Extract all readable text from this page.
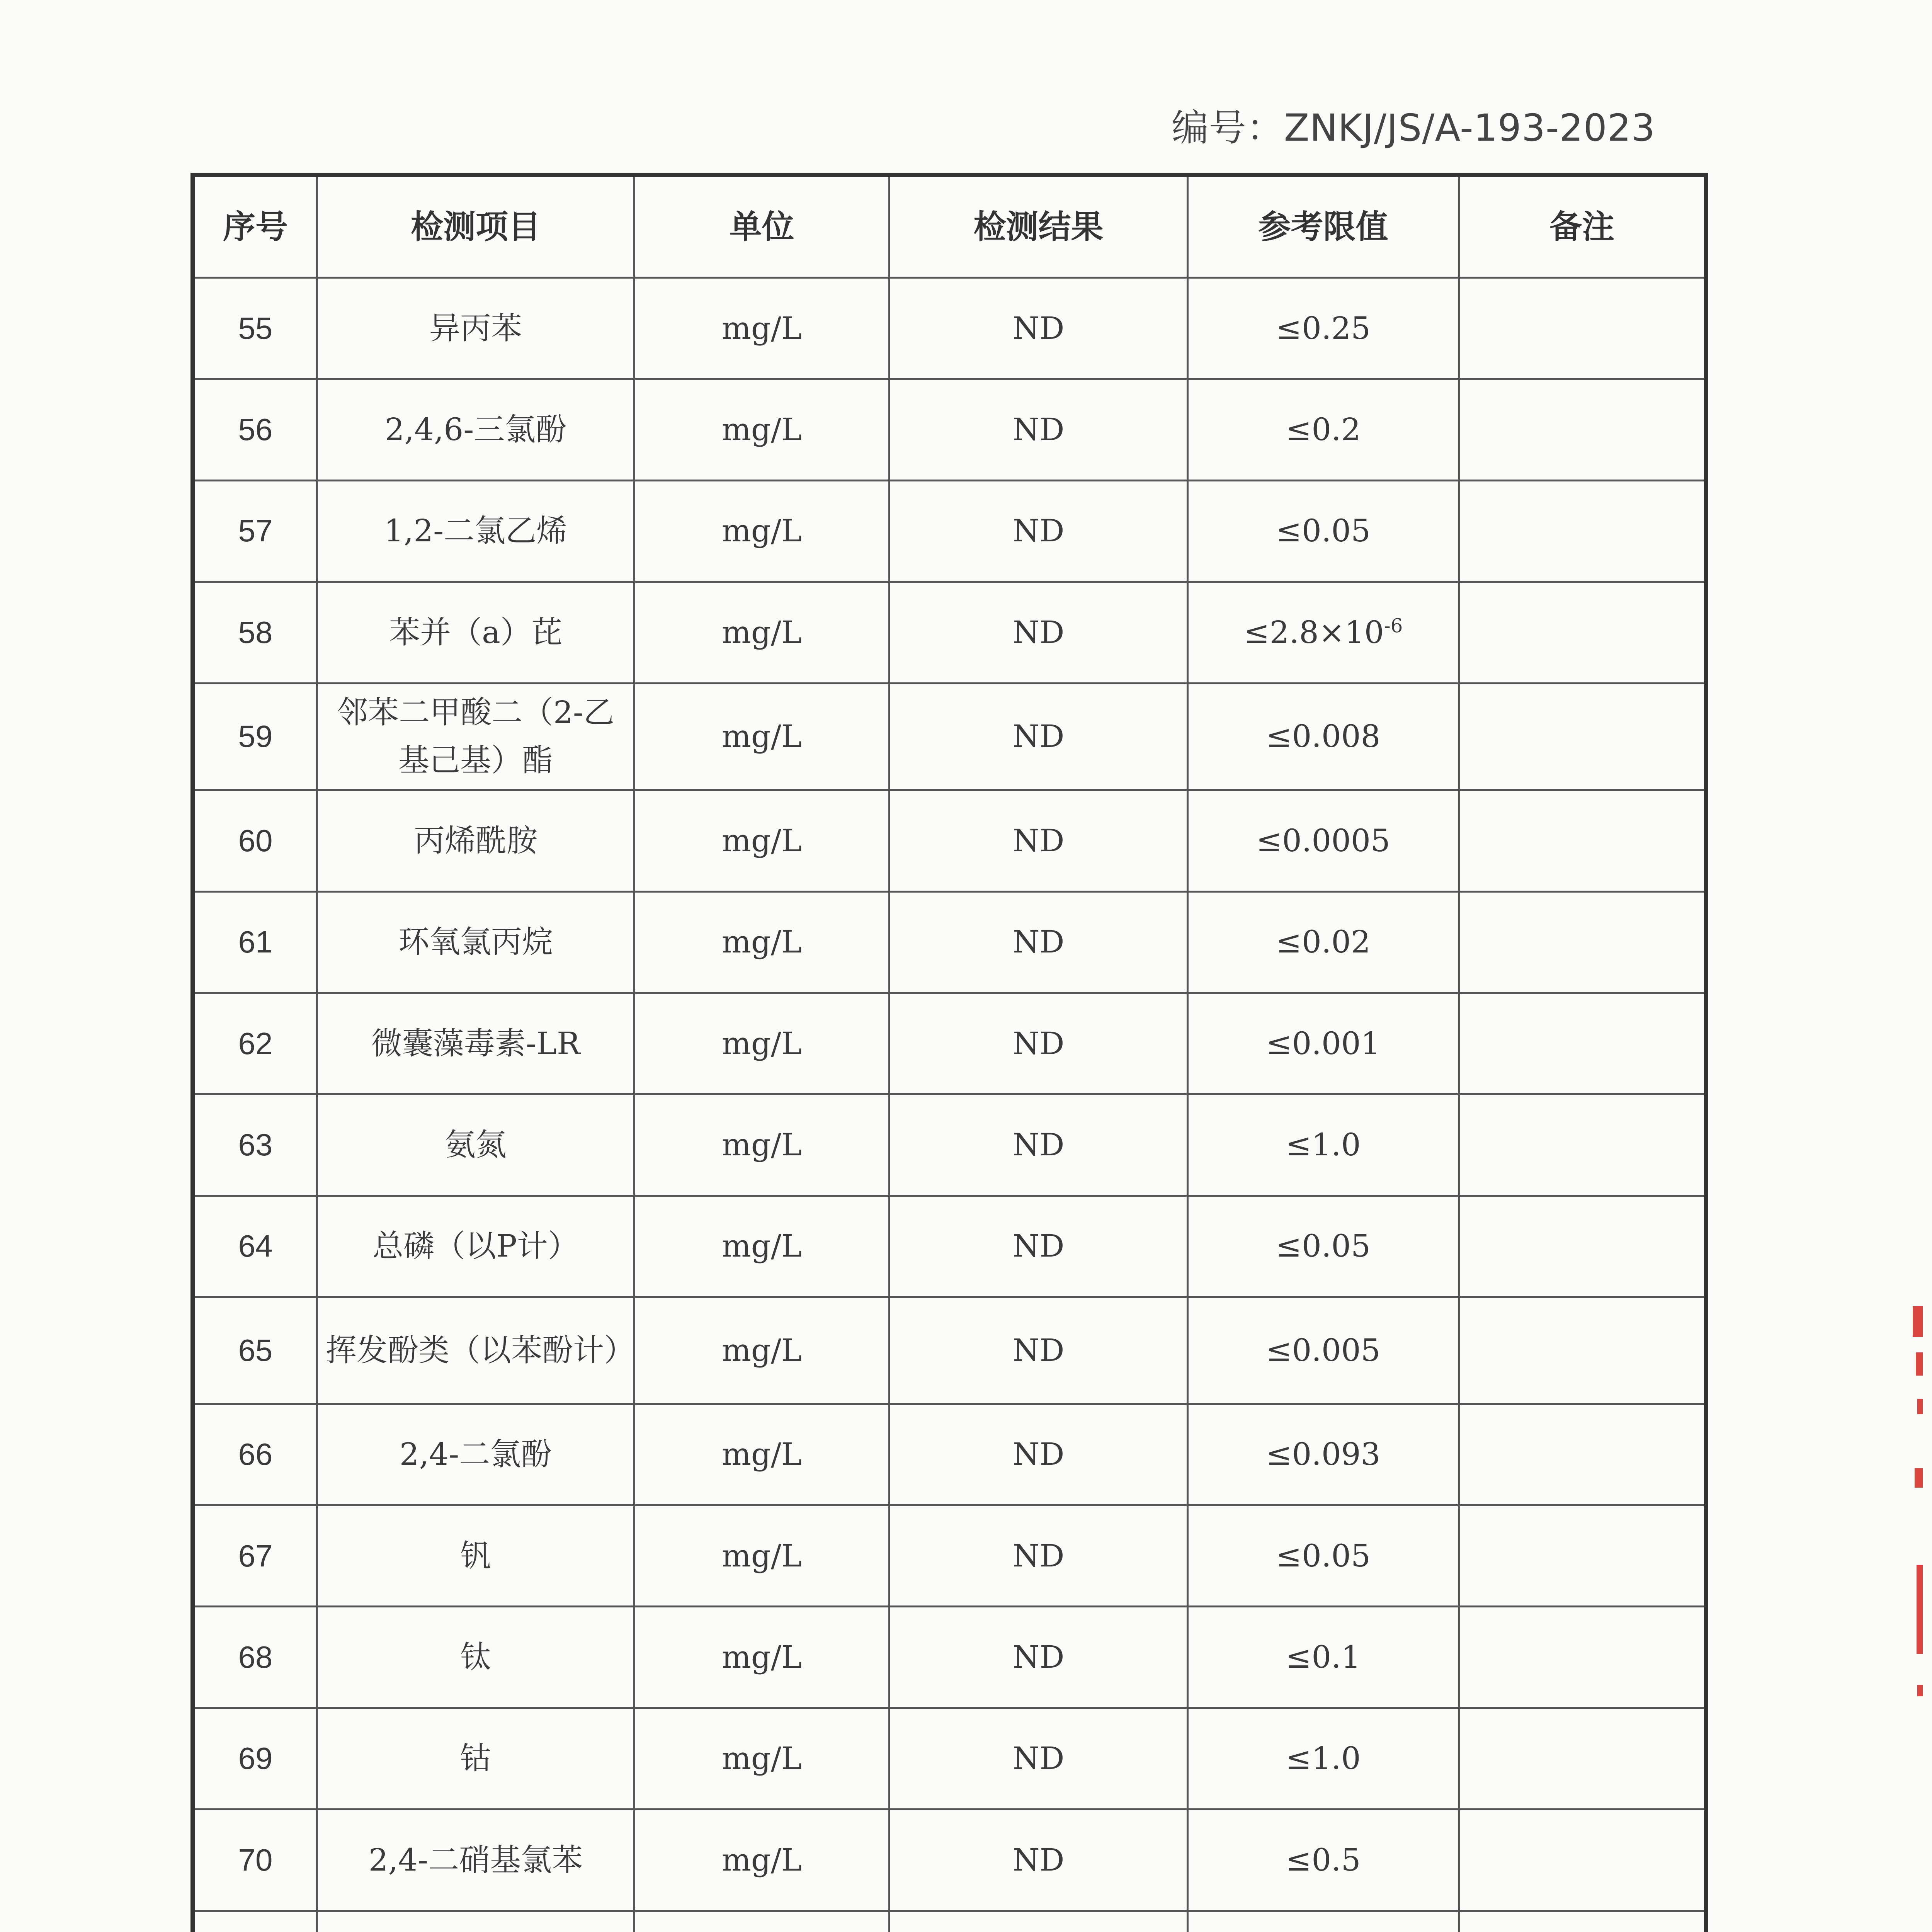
编号：ZNKJ/JS/A-193-2023
序号	检测项目	单位	检测结果	参考限值	备注
55	异丙苯	mg/L	ND	≤0.25	
56	2,4,6-三氯酚	mg/L	ND	≤0.2	
57	1,2-二氯乙烯	mg/L	ND	≤0.05	
58	苯并（a）芘	mg/L	ND	$\le 2.8\times 10^{-6}$	
59	邻苯二甲酸二（2-乙基己基）酯	mg/L	ND	≤0.008	
60	丙烯酰胺	mg/L	ND	≤0.0005	
61	环氧氯丙烷	mg/L	ND	≤0.02	
62	微囊藻毒素-LR	mg/L	ND	≤0.001	
63	氨氮	mg/L	ND	≤1.0	
64	总磷（以P计）	mg/L	ND	≤0.05	
65	挥发酚类（以苯酚计）	mg/L	ND	≤0.005	
66	2,4-二氯酚	mg/L	ND	≤0.093	
67	钒	mg/L	ND	≤0.05	
68	钛	mg/L	ND	≤0.1	
69	钴	mg/L	ND	≤1.0	
70	2,4-二硝基氯苯	mg/L	ND	≤0.5	
